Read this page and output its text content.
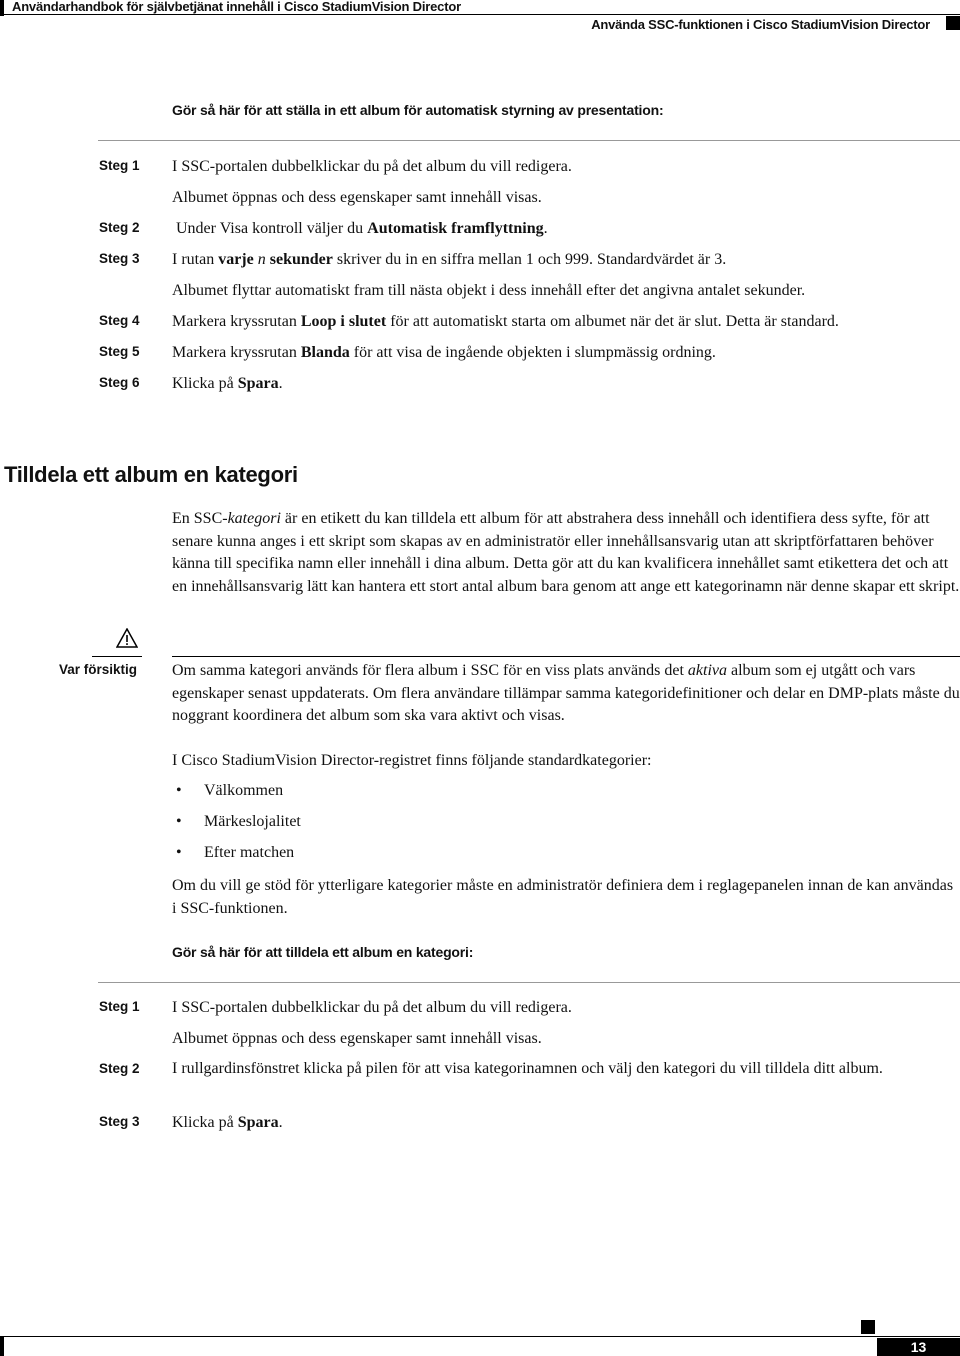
Användarhandbok för självbetjänat innehåll i Cisco StadiumVision Director
Använda SSC-funktionen i Cisco StadiumVision Director
Gör så här för att ställa in ett album för automatisk styrning av presentation:
Steg 1 I SSC-portalen dubbelklickar du på det album du vill redigera.
Albumet öppnas och dess egenskaper samt innehåll visas.
Steg 2 Under Visa kontroll väljer du Automatisk framflyttning.
Steg 3 I rutan varje n sekunder skriver du in en siffra mellan 1 och 999. Standardvärdet är 3.
Albumet flyttar automatiskt fram till nästa objekt i dess innehåll efter det angivna antalet sekunder.
Steg 4 Markera kryssrutan Loop i slutet för att automatiskt starta om albumet när det är slut. Detta är standard.
Steg 5 Markera kryssrutan Blanda för att visa de ingående objekten i slumpmässig ordning.
Steg 6 Klicka på Spara.
Tilldela ett album en kategori
En SSC-kategori är en etikett du kan tilldela ett album för att abstrahera dess innehåll och identifiera dess syfte, för att senare kunna anges i ett skript som skapas av en administratör eller innehållsansvarig utan att skriptförfattaren behöver känna till specifika namn eller innehåll i dina album. Detta gör att du kan kvalificera innehållet samt etikettera det och att en innehållsansvarig lätt kan hantera ett stort antal album bara genom att ange ett kategorinamn när denne skapar ett skript.
Var försiktig Om samma kategori används för flera album i SSC för en viss plats används det aktiva album som ej utgått och vars egenskaper senast uppdaterats. Om flera användare tillämpar samma kategoridefinitioner och delar en DMP-plats måste du noggrant koordinera det album som ska vara aktivt och visas.
I Cisco StadiumVision Director-registret finns följande standardkategorier:
• Välkommen
• Märkeslojalitet
• Efter matchen
Om du vill ge stöd för ytterligare kategorier måste en administratör definiera dem i reglagepanelen innan de kan användas i SSC-funktionen.
Gör så här för att tilldela ett album en kategori:
Steg 1 I SSC-portalen dubbelklickar du på det album du vill redigera.
Albumet öppnas och dess egenskaper samt innehåll visas.
Steg 2 I rullgardinsfönstret klicka på pilen för att visa kategorinamnen och välj den kategori du vill tilldela ditt album.
Steg 3 Klicka på Spara.
13
